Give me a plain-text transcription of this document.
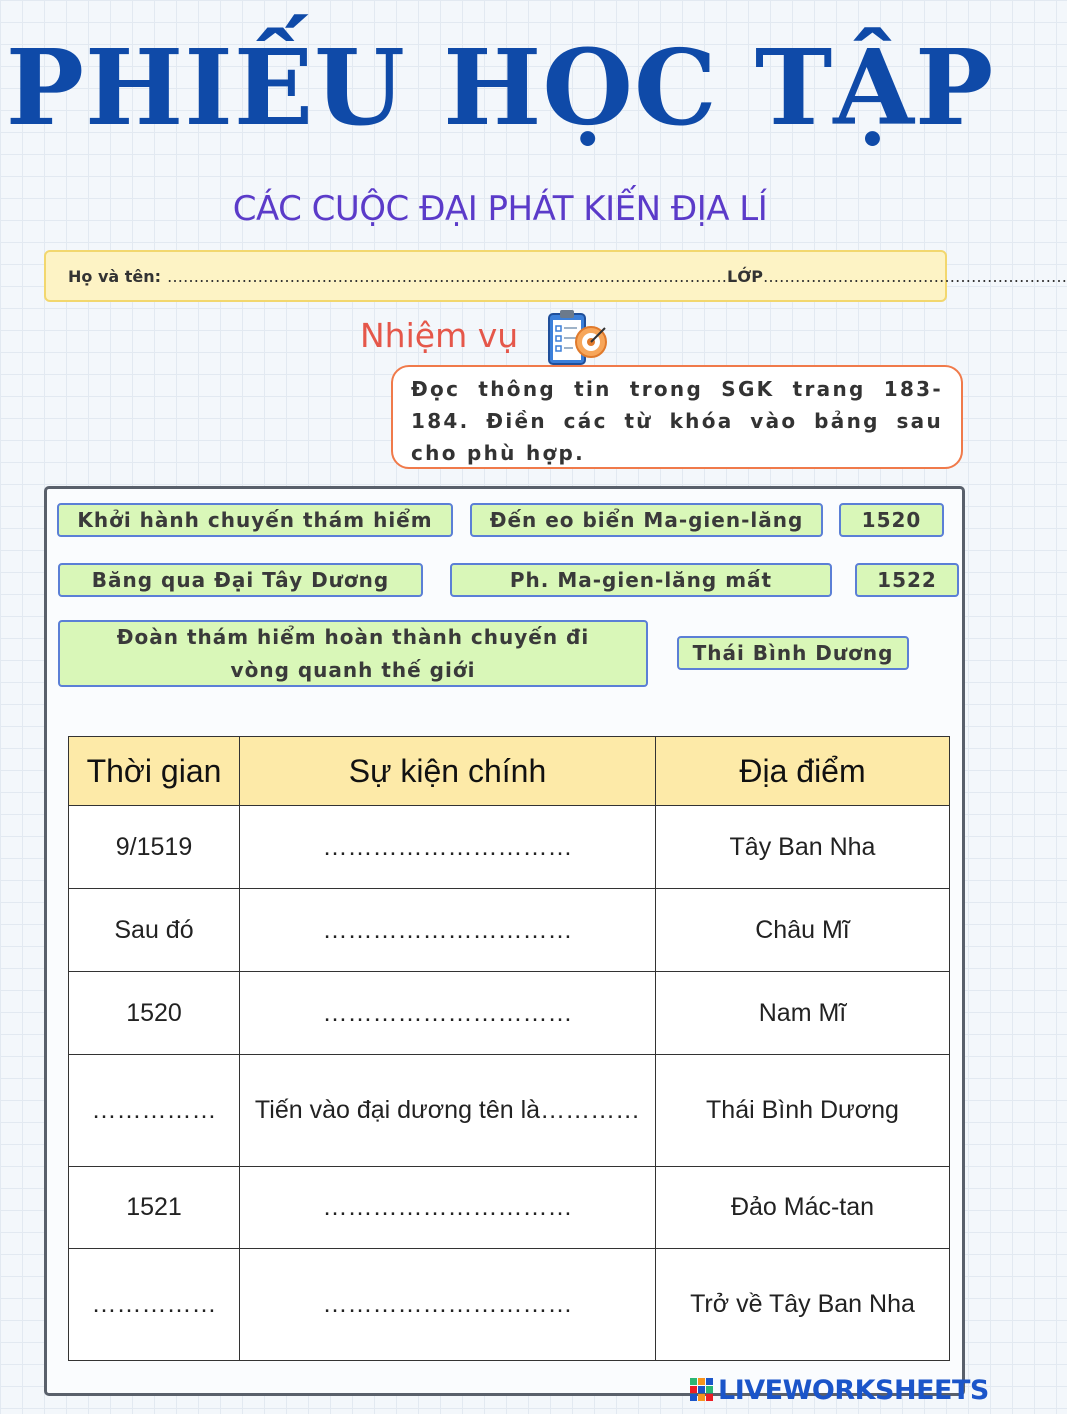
PHIẾU HỌC TẬP
CÁC CUỘC ĐẠI PHÁT KIẾN ĐỊA LÍ
Họ và tên: …………………………………………………………………………………………… LỚP …………………………………………………
Nhiệm vụ
Đọc thông tin trong SGK trang 183-184. Điền các từ khóa vào bảng sau cho phù hợp.
Khởi hành chuyến thám hiểm	Đến eo biển Ma-gien-lăng	1520
Băng qua Đại Tây Dương	Ph. Ma-gien-lăng mất	1522
Đoàn thám hiểm hoàn thành chuyến đi vòng quanh thế giới
Thái Bình Dương
Thời gian	Sự kiện chính	Địa điểm
9/1519	…………………………	Tây Ban Nha
Sau đó	…………………………	Châu Mĩ
1520	…………………………	Nam Mĩ
……………	Tiến vào đại dương tên là…………	Thái Bình Dương
1521	…………………………	Đảo Mác-tan
……………	…………………………	Trở về Tây Ban Nha
LIVEWORKSHEETS
